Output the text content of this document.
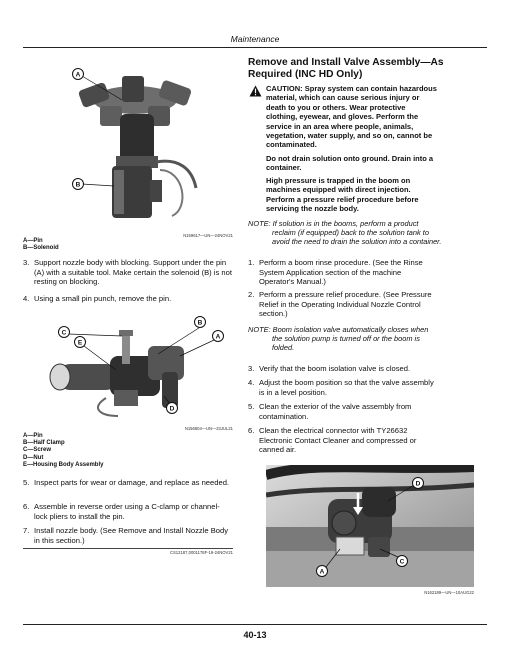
Maintenance
A
B
N159617—UN—24NOV21
A—Pin
B—Solenoid
3. Support nozzle body with blocking. Support under the pin (A) with a suitable tool. Make certain the solenoid (B) is not resting on blocking.
4. Using a small pin punch, remove the pin.
C
B
A
E
D
N156604—UN—23JUL21
A—Pin
B—Half Clamp
C—Screw
D—Nut
E—Housing Body Assembly
5. Inspect parts for wear or damage, and replace as needed.
6. Assemble in reverse order using a C-clamp or channel-lock pliers to install the pin.
7. Install nozzle body. (See Remove and Install Nozzle Body in this section.)
CS12187,0001176F-19-24NOV21
Remove and Install Valve Assembly—As Required (INC HD Only)
CAUTION: Spray system can contain hazardous
material, which can cause serious injury or
death to you or others. Wear protective
clothing, eyewear, and gloves. Perform the
service in an area where people, animals,
vegetation, water supply, and so on, cannot be
contaminated.
Do not drain solution onto ground. Drain into a
container.
High pressure is trapped in the boom on
machines equipped with direct injection.
Perform a pressure relief procedure before
servicing the nozzle body.
NOTE: If solution is in the booms, perform a product
reclaim (if equipped) back to the solution tank to
avoid the need to drain the solution into a container.
1. Perform a boom rinse procedure. (See the Rinse
System Application section of the machine
Operator's Manual.)
2. Perform a pressure relief procedure. (See Pressure
Relief in the Operating Individual Nozzle Control
section.)
NOTE: Boom isolation valve automatically closes when
the solution pump is turned off or the boom is
folded.
3. Verify that the boom isolation valve is closed.
4. Adjust the boom position so that the valve assembly
is in a level position.
5. Clean the exterior of the valve assembly from
contamination.
6. Clean the electrical connector with TY26632
Electronic Contact Cleaner and compressed or
canned air.
D
A
C
N162189—UN—10AUG22
40-13
